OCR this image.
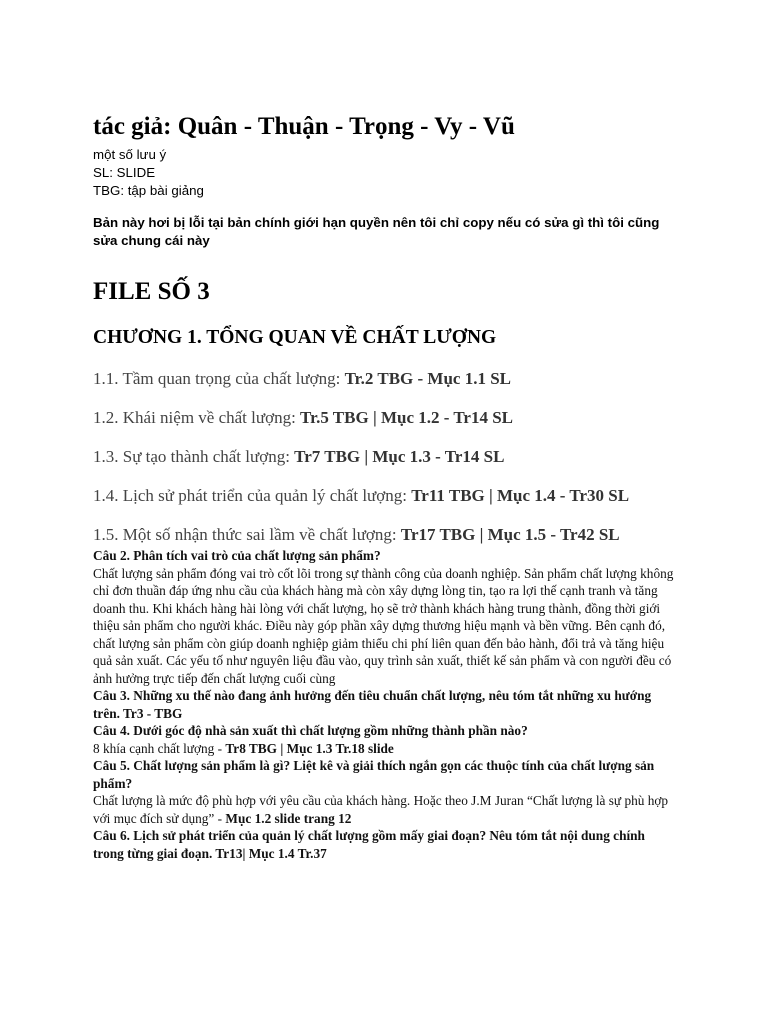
tác giả: Quân - Thuận - Trọng - Vy - Vũ
một số lưu ý
SL: SLIDE
TBG: tập bài giảng
Bản này hơi bị lỗi tại bản chính giới hạn quyền nên tôi chỉ copy nếu có sửa gì thì tôi cũng sửa chung cái này
FILE SỐ 3
CHƯƠNG 1. TỔNG QUAN VỀ CHẤT LƯỢNG
1.1. Tầm quan trọng của chất lượng: Tr.2 TBG - Mục 1.1 SL
1.2. Khái niệm về chất lượng: Tr.5 TBG | Mục 1.2 - Tr14 SL
1.3. Sự tạo thành chất lượng: Tr7 TBG | Mục 1.3 - Tr14 SL
1.4. Lịch sử phát triển của quản lý chất lượng: Tr11 TBG | Mục 1.4 - Tr30 SL
1.5. Một số nhận thức sai lầm về chất lượng: Tr17 TBG | Mục 1.5 - Tr42 SL
Câu 2. Phân tích vai trò của chất lượng sản phẩm?
Chất lượng sản phẩm đóng vai trò cốt lõi trong sự thành công của doanh nghiệp. Sản phẩm chất lượng không chỉ đơn thuần đáp ứng nhu cầu của khách hàng mà còn xây dựng lòng tin, tạo ra lợi thế cạnh tranh và tăng doanh thu. Khi khách hàng hài lòng với chất lượng, họ sẽ trở thành khách hàng trung thành, đồng thời giới thiệu sản phẩm cho người khác. Điều này góp phần xây dựng thương hiệu mạnh và bền vững. Bên cạnh đó, chất lượng sản phẩm còn giúp doanh nghiệp giảm thiểu chi phí liên quan đến bảo hành, đổi trả và tăng hiệu quả sản xuất. Các yếu tố như nguyên liệu đầu vào, quy trình sản xuất, thiết kế sản phẩm và con người đều có ảnh hưởng trực tiếp đến chất lượng cuối cùng
Câu 3. Những xu thế nào đang ảnh hưởng đến tiêu chuẩn chất lượng, nêu tóm tắt những xu hướng trên. Tr3 - TBG
Câu 4. Dưới góc độ nhà sản xuất thì chất lượng gồm những thành phần nào?
8 khía cạnh chất lượng - Tr8 TBG | Mục 1.3 Tr.18 slide
Câu 5. Chất lượng sản phẩm là gì? Liệt kê và giải thích ngắn gọn các thuộc tính của chất lượng sản phẩm?
Chất lượng là mức độ phù hợp với yêu cầu của khách hàng. Hoặc theo J.M Juran “Chất lượng là sự phù hợp với mục đích sử dụng” - Mục 1.2 slide trang 12
Câu 6. Lịch sử phát triển của quản lý chất lượng gồm mấy giai đoạn? Nêu tóm tắt nội dung chính trong từng giai đoạn. Tr13| Mục 1.4 Tr.37
